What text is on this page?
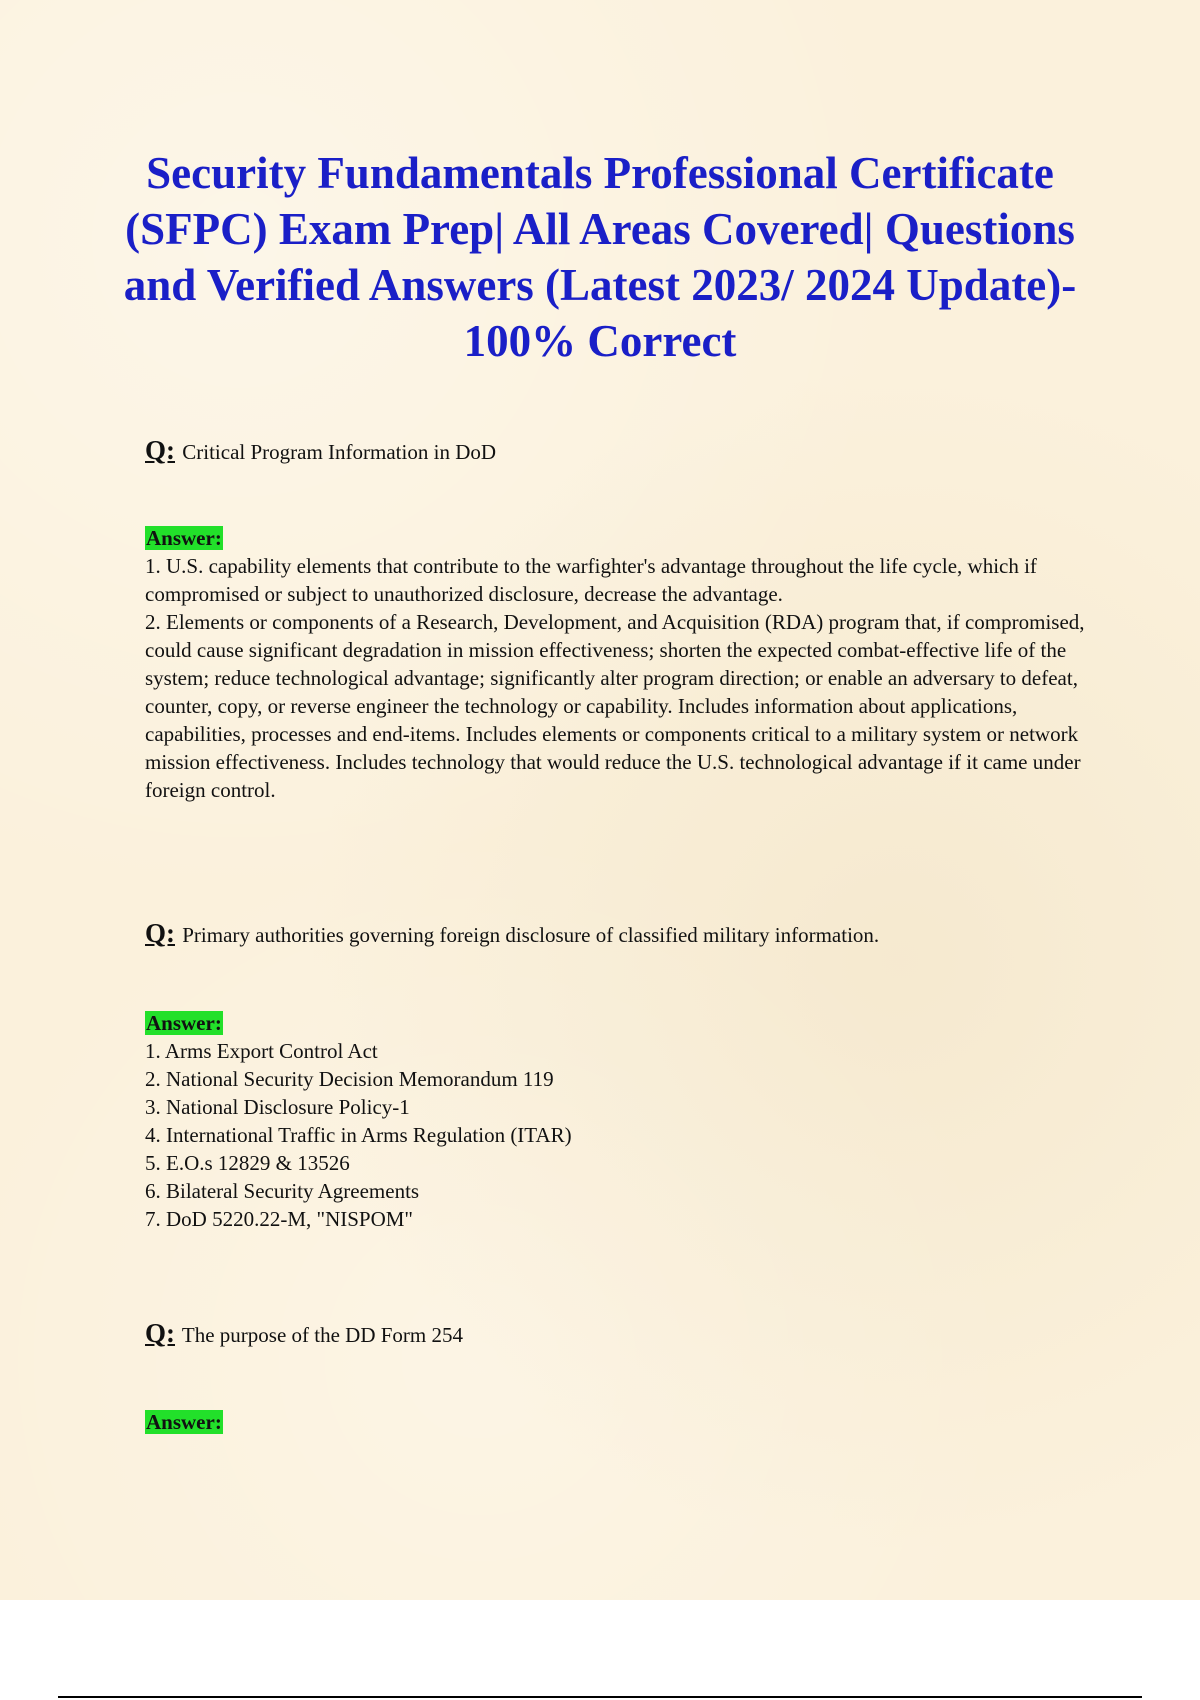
Security Fundamentals Professional Certificate (SFPC) Exam Prep| All Areas Covered| Questions and Verified Answers (Latest 2023/ 2024 Update)- 100% Correct
Q: Critical Program Information in DoD
Answer:

1. U.S. capability elements that contribute to the warfighter's advantage throughout the life cycle, which if compromised or subject to unauthorized disclosure, decrease the advantage.

2. Elements or components of a Research, Development, and Acquisition (RDA) program that, if compromised, could cause significant degradation in mission effectiveness; shorten the expected combat-effective life of the system; reduce technological advantage; significantly alter program direction; or enable an adversary to defeat, counter, copy, or reverse engineer the technology or capability. Includes information about applications, capabilities, processes and end-items. Includes elements or components critical to a military system or network mission effectiveness. Includes technology that would reduce the U.S. technological advantage if it came under foreign control.

Q: Primary authorities governing foreign disclosure of classified military information.
Answer:
1. Arms Export Control Act
2. National Security Decision Memorandum 119
3. National Disclosure Policy-1
4. International Traffic in Arms Regulation (ITAR)
5. E.O.s 12829 & 13526
6. Bilateral Security Agreements
7. DoD 5220.22-M, "NISPOM"
Q: The purpose of the DD Form 254
Answer:
